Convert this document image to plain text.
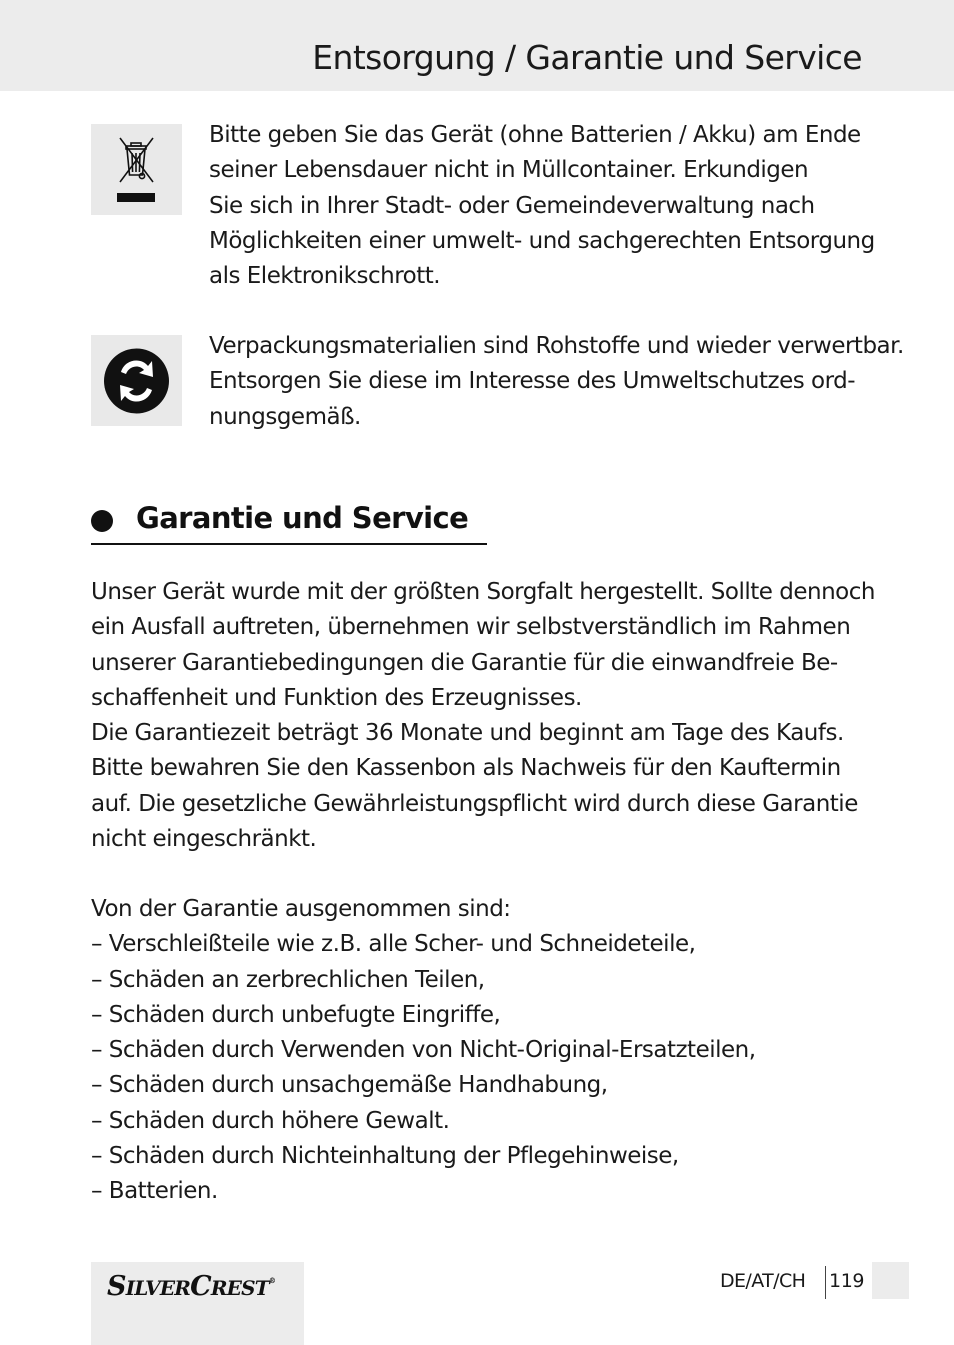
Entsorgung / Garantie und Service
Bitte geben Sie das Gerät (ohne Batterien / Akku) am Ende
seiner Lebensdauer nicht in Müllcontainer. Erkundigen
Sie sich in Ihrer Stadt- oder Gemeindeverwaltung nach
Möglichkeiten einer umwelt- und sachgerechten Entsorgung
als Elektronikschrott.
Verpackungsmaterialien sind Rohstoffe und wieder verwertbar.
Entsorgen Sie diese im Interesse des Umweltschutzes ord-
nungsgemäß.
Garantie und Service
Unser Gerät wurde mit der größten Sorgfalt hergestellt. Sollte dennoch
ein Ausfall auftreten, übernehmen wir selbstverständlich im Rahmen
unserer Garantiebedingungen die Garantie für die einwandfreie Be-
schaffenheit und Funktion des Erzeugnisses.
Die Garantiezeit beträgt 36 Monate und beginnt am Tage des Kaufs.
Bitte bewahren Sie den Kassenbon als Nachweis für den Kauftermin
auf. Die gesetzliche Gewährleistungspflicht wird durch diese Garantie
nicht eingeschränkt.
Von der Garantie ausgenommen sind:
– Verschleißteile wie z.B. alle Scher- und Schneideteile,
– Schäden an zerbrechlichen Teilen,
– Schäden durch unbefugte Eingriffe,
– Schäden durch Verwenden von Nicht-Original-Ersatzteilen,
– Schäden durch unsachgemäße Handhabung,
– Schäden durch höhere Gewalt.
– Schäden durch Nichteinhaltung der Pflegehinweise,
– Batterien.
SILVERCREST®	DE/AT/CH 119
